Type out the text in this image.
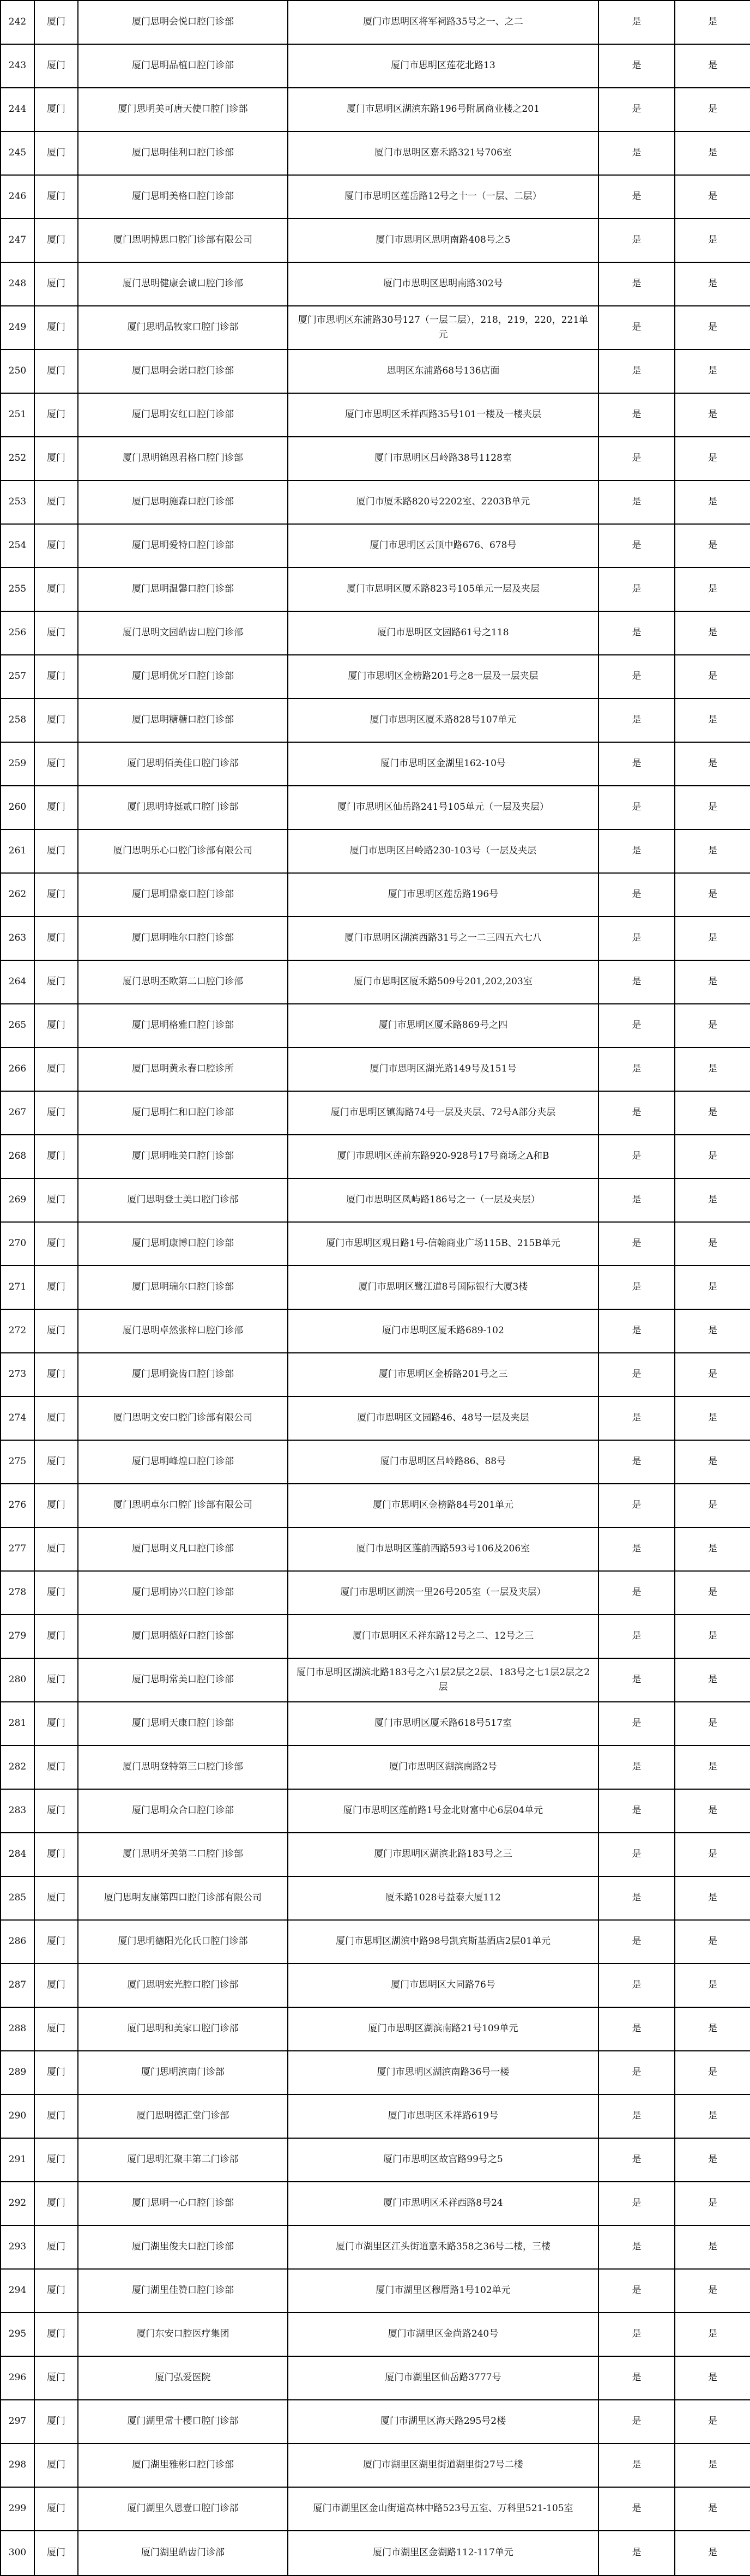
242	厦门	厦门思明会悦口腔门诊部	厦门市思明区将军祠路35号之一、之二	是	是
243	厦门	厦门思明品植口腔门诊部	厦门市思明区莲花北路13	是	是
244	厦门	厦门思明美可唐天使口腔门诊部	厦门市思明区湖滨东路196号附属商业楼之201	是	是
245	厦门	厦门思明佳利口腔门诊部	厦门市思明区嘉禾路321号706室	是	是
246	厦门	厦门思明美格口腔门诊部	厦门市思明区莲岳路12号之十一（一层、二层）	是	是
247	厦门	厦门思明博思口腔门诊部有限公司	厦门市思明区思明南路408号之5	是	是
248	厦门	厦门思明健康会诚口腔门诊部	厦门市思明区思明南路302号	是	是
249	厦门	厦门思明品牧家口腔门诊部	厦门市思明区东浦路30号127（一层二层），218，219，220，221单元	是	是
250	厦门	厦门思明会诺口腔门诊部	思明区东浦路68号136店面	是	是
251	厦门	厦门思明安红口腔门诊部	厦门市思明区禾祥西路35号101一楼及一楼夹层	是	是
252	厦门	厦门思明锦恩君格口腔门诊部	厦门市思明区吕岭路38号1128室	是	是
253	厦门	厦门思明施森口腔门诊部	厦门市厦禾路820号2202室、2203B单元	是	是
254	厦门	厦门思明爱特口腔门诊部	厦门市思明区云顶中路676、678号	是	是
255	厦门	厦门思明温馨口腔门诊部	厦门市思明区厦禾路823号105单元一层及夹层	是	是
256	厦门	厦门思明文园皓齿口腔门诊部	厦门市思明区文园路61号之118	是	是
257	厦门	厦门思明优牙口腔门诊部	厦门市思明区金榜路201号之8一层及一层夹层	是	是
258	厦门	厦门思明糖糖口腔门诊部	厦门市思明区厦禾路828号107单元	是	是
259	厦门	厦门思明佰美佳口腔门诊部	厦门市思明区金湖里162-10号	是	是
260	厦门	厦门思明诗挺贰口腔门诊部	厦门市思明区仙岳路241号105单元（一层及夹层）	是	是
261	厦门	厦门思明乐心口腔门诊部有限公司	厦门市思明区吕岭路230-103号（一层及夹层	是	是
262	厦门	厦门思明鼎豪口腔门诊部	厦门市思明区莲岳路196号	是	是
263	厦门	厦门思明唯尔口腔门诊部	厦门市思明区湖滨西路31号之一二三四五六七八	是	是
264	厦门	厦门思明丕欧第二口腔门诊部	厦门市思明区厦禾路509号201,202,203室	是	是
265	厦门	厦门思明格雅口腔门诊部	厦门市思明区厦禾路869号之四	是	是
266	厦门	厦门思明黄永春口腔诊所	厦门市思明区湖光路149号及151号	是	是
267	厦门	厦门思明仁和口腔门诊部	厦门市思明区镇海路74号一层及夹层、72号A部分夹层	是	是
268	厦门	厦门思明唯美口腔门诊部	厦门市思明区莲前东路920-928号17号商场之A和B	是	是
269	厦门	厦门思明登士美口腔门诊部	厦门市思明区凤屿路186号之一（一层及夹层）	是	是
270	厦门	厦门思明康博口腔门诊部	厦门市思明区观日路1号-信翰商业广场115B、215B单元	是	是
271	厦门	厦门思明瑞尔口腔门诊部	厦门市思明区鹭江道8号国际银行大厦3楼	是	是
272	厦门	厦门思明卓然张梓口腔门诊部	厦门市思明区厦禾路689-102	是	是
273	厦门	厦门思明瓷齿口腔门诊部	厦门市思明区金桥路201号之三	是	是
274	厦门	厦门思明文安口腔门诊部有限公司	厦门市思明区文园路46、48号一层及夹层	是	是
275	厦门	厦门思明峰煌口腔门诊部	厦门市思明区吕岭路86、88号	是	是
276	厦门	厦门思明卓尔口腔门诊部有限公司	厦门市思明区金榜路84号201单元	是	是
277	厦门	厦门思明义凡口腔门诊部	厦门市思明区莲前西路593号106及206室	是	是
278	厦门	厦门思明协兴口腔门诊部	厦门市思明区湖滨一里26号205室（一层及夹层）	是	是
279	厦门	厦门思明德好口腔门诊部	厦门市思明区禾祥东路12号之二、12号之三	是	是
280	厦门	厦门思明常美口腔门诊部	厦门市思明区湖滨北路183号之六1层2层之2层、183号之七1层2层之2层	是	是
281	厦门	厦门思明天康口腔门诊部	厦门市思明区厦禾路618号517室	是	是
282	厦门	厦门思明登特第三口腔门诊部	厦门市思明区湖滨南路2号	是	是
283	厦门	厦门思明众合口腔门诊部	厦门市思明区莲前路1号金北财富中心6层04单元	是	是
284	厦门	厦门思明牙美第二口腔门诊部	厦门市思明区湖滨北路183号之三	是	是
285	厦门	厦门思明友康第四口腔门诊部有限公司	厦禾路1028号益泰大厦112	是	是
286	厦门	厦门思明德阳光化氏口腔门诊部	厦门市思明区湖滨中路98号凯宾斯基酒店2层01单元	是	是
287	厦门	厦门思明宏光腔口腔门诊部	厦门市思明区大同路76号	是	是
288	厦门	厦门思明和美家口腔门诊部	厦门市思明区湖滨南路21号109单元	是	是
289	厦门	厦门思明滨南门诊部	厦门市思明区湖滨南路36号一楼	是	是
290	厦门	厦门思明德汇堂门诊部	厦门市思明区禾祥路619号	是	是
291	厦门	厦门思明汇聚丰第二门诊部	厦门市思明区故宫路99号之5	是	是
292	厦门	厦门思明一心口腔门诊部	厦门市思明区禾祥西路8号24	是	是
293	厦门	厦门湖里俊夫口腔门诊部	厦门市湖里区江头街道嘉禾路358之36号二楼，三楼	是	是
294	厦门	厦门湖里佳赞口腔门诊部	厦门市湖里区穆厝路1号102单元	是	是
295	厦门	厦门东安口腔医疗集团	厦门市湖里区金尚路240号	是	是
296	厦门	厦门弘爱医院	厦门市湖里区仙岳路3777号	是	是
297	厦门	厦门湖里常十樱口腔门诊部	厦门市湖里区海天路295号2楼	是	是
298	厦门	厦门湖里雅彬口腔门诊部	厦门市湖里区湖里街道湖里街27号二楼	是	是
299	厦门	厦门湖里久恩壹口腔门诊部	厦门市湖里区金山街道高林中路523号五室、万科里521-105室	是	是
300	厦门	厦门湖里皓齿门诊部	厦门市湖里区金湖路112-117单元	是	是
